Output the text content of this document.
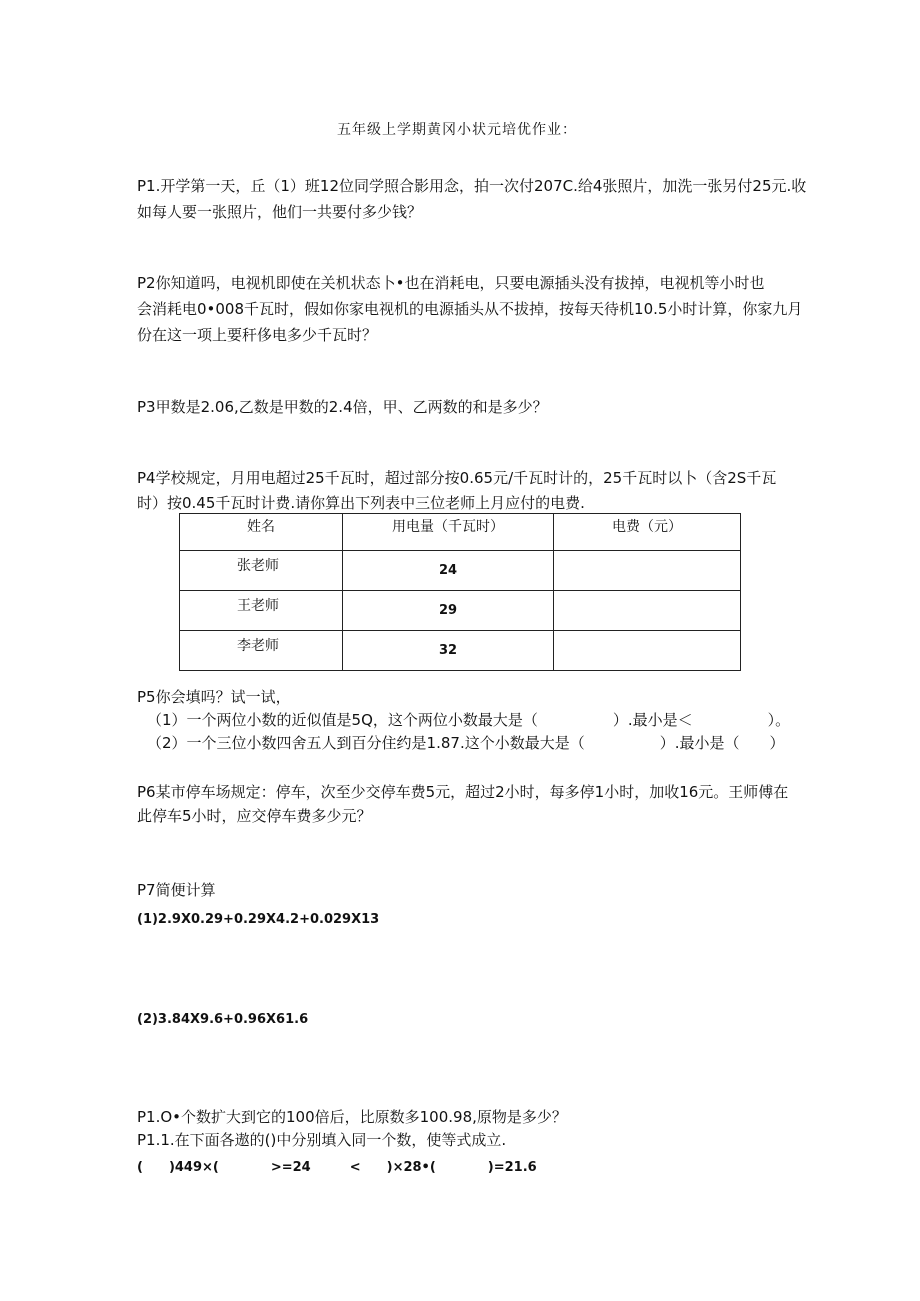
五年级上学期黄冈小状元培优作业：
P1.开学第一天，丘（1）班12位同学照合影用念，拍一次付207C.给4张照片，加洗一张另付25元.收
如每人要一张照片，他们一共要付多少钱？
P2你知道吗，电视机即使在关机状态卜•也在消耗电，只要电源插头没有拔掉，电视机等小时也
会消耗电0•008千瓦时，假如你家电视机的电源插头从不拔掉，按每天待机10.5小时计算，你家九月
份在这一项上要秆侈电多少千瓦时？
P3甲数是2.06,乙数是甲数的2.4倍，甲、乙两数的和是多少？
P4学校规定，月用电超过25千瓦时，超过部分按0.65元/千瓦时计的，25千瓦时以卜（含2S千瓦
时）按0.45千瓦时计费.请你算出下列表中三位老师上月应付的电费.
姓名	用电量（千瓦时）	电费（元）
张老师	24	
王老师	29	
李老师	32	
P5你会填吗？试一试，
（1）一个两位小数的近似值是5Q，这个两位小数最大是（　　　　　）.最小是＜　　　　　）。
（2）一个三位小数四舍五人到百分住约是1.87.这个小数最大是（　　　　　）.最小是（　　）
P6某市停车场规定：停车，次至少交停车费5元，超过2小时，每多停1小时，加收16元。王师傅在
此停车5小时，应交停车费多少元？
P7简便计算
(1)2.9X0.29+0.29X4.2+0.029X13
(2)3.84X9.6+0.96X61.6
P1.O•个数扩大到它的100倍后，比原数多100.98,原物是多少？
P1.1.在下面各遨的()中分别填入同一个数，使等式成立.
(　　)449×(　　　　>=24　　　<　　)×28•(　　　　)=21.6
